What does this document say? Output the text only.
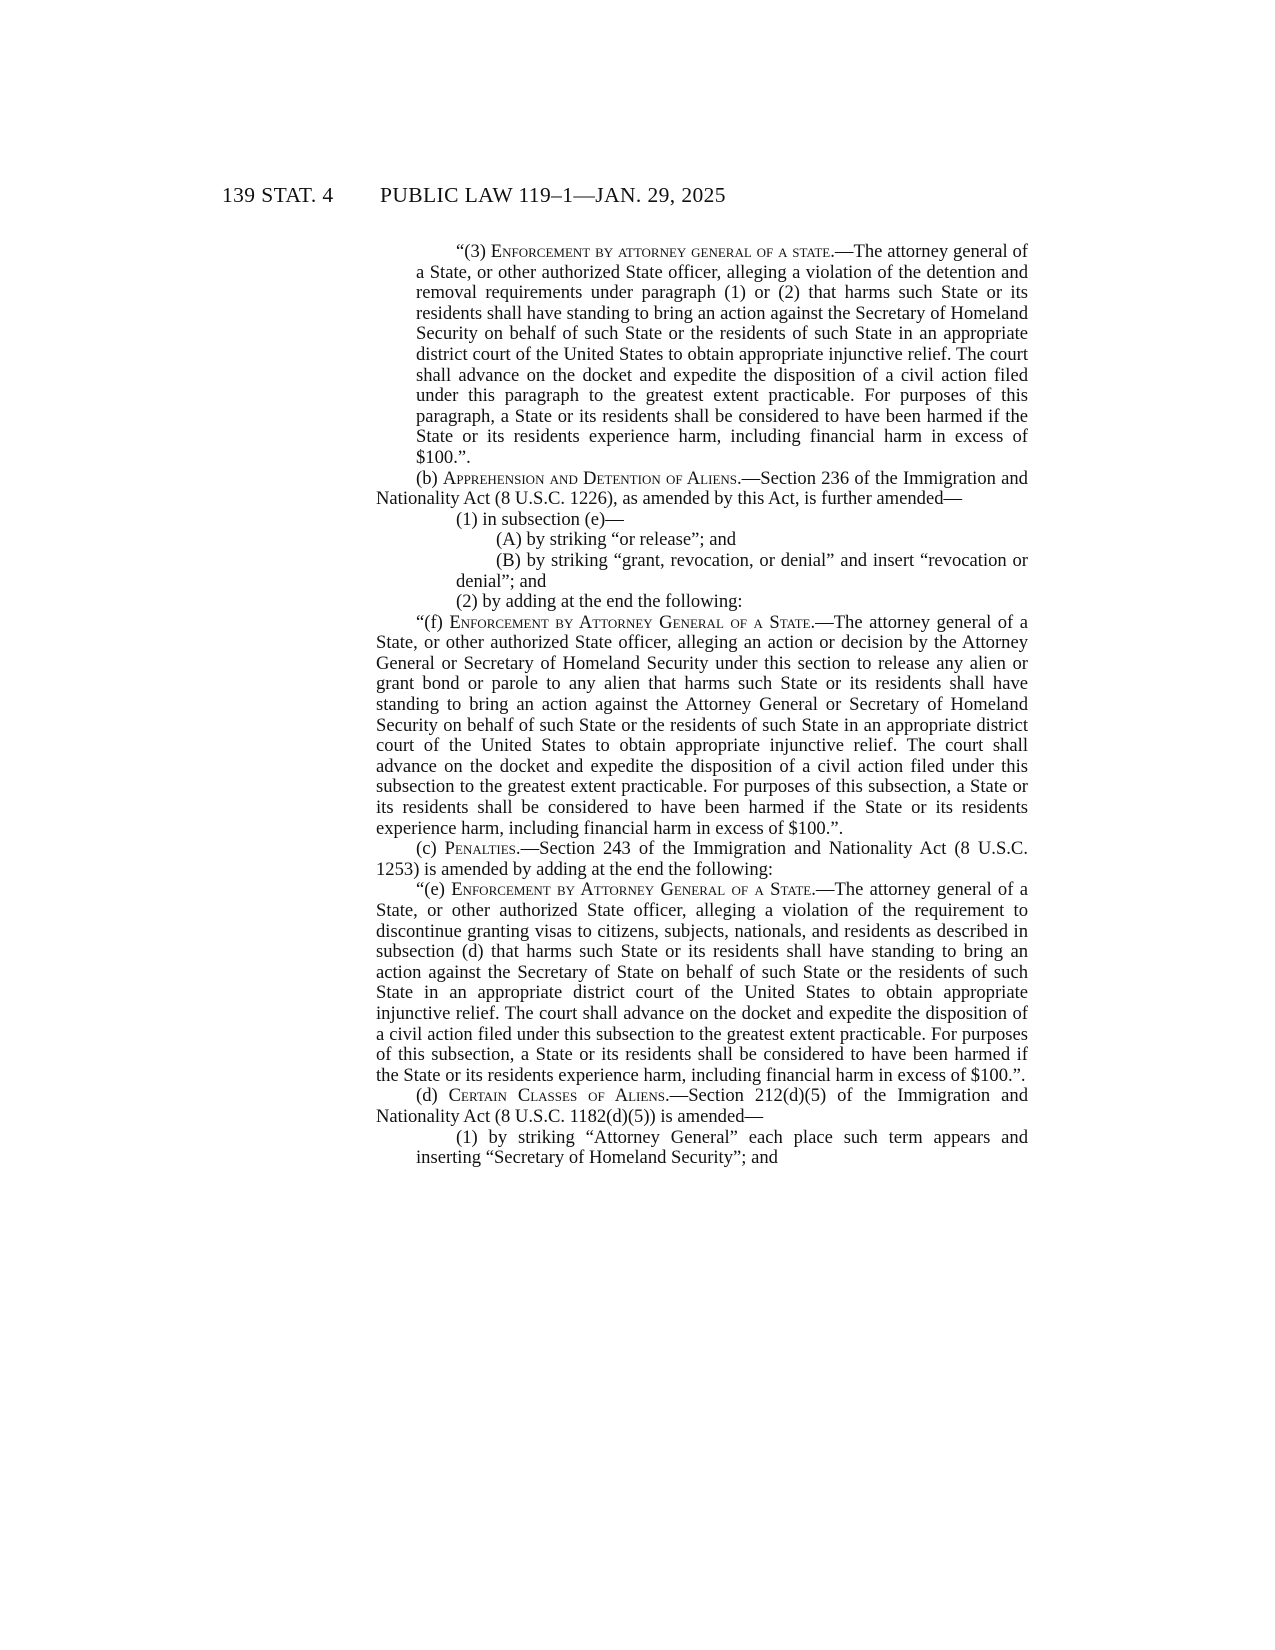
139 STAT. 4 PUBLIC LAW 119–1—JAN. 29, 2025

“(3) Enforcement by attorney general of a state.—The attorney general of a State, or other authorized State officer, alleging a violation of the detention and removal requirements under paragraph (1) or (2) that harms such State or its residents shall have standing to bring an action against the Secretary of Homeland Security on behalf of such State or the residents of such State in an appropriate district court of the United States to obtain appropriate injunctive relief. The court shall advance on the docket and expedite the disposition of a civil action filed under this paragraph to the greatest extent practicable. For purposes of this paragraph, a State or its residents shall be considered to have been harmed if the State or its residents experience harm, including financial harm in excess of $100.”.

(b) Apprehension and Detention of Aliens.—Section 236 of the Immigration and Nationality Act (8 U.S.C. 1226), as amended by this Act, is further amended—

(1) in subsection (e)—

(A) by striking “or release”; and

(B) by striking “grant, revocation, or denial” and insert “revocation or denial”; and

(2) by adding at the end the following:

“(f) Enforcement by Attorney General of a State.—The attorney general of a State, or other authorized State officer, alleging an action or decision by the Attorney General or Secretary of Homeland Security under this section to release any alien or grant bond or parole to any alien that harms such State or its residents shall have standing to bring an action against the Attorney General or Secretary of Homeland Security on behalf of such State or the residents of such State in an appropriate district court of the United States to obtain appropriate injunctive relief. The court shall advance on the docket and expedite the disposition of a civil action filed under this subsection to the greatest extent practicable. For purposes of this subsection, a State or its residents shall be considered to have been harmed if the State or its residents experience harm, including financial harm in excess of $100.”.

(c) Penalties.—Section 243 of the Immigration and Nationality Act (8 U.S.C. 1253) is amended by adding at the end the following:

“(e) Enforcement by Attorney General of a State.—The attorney general of a State, or other authorized State officer, alleging a violation of the requirement to discontinue granting visas to citizens, subjects, nationals, and residents as described in subsection (d) that harms such State or its residents shall have standing to bring an action against the Secretary of State on behalf of such State or the residents of such State in an appropriate district court of the United States to obtain appropriate injunctive relief. The court shall advance on the docket and expedite the disposition of a civil action filed under this subsection to the greatest extent practicable. For purposes of this subsection, a State or its residents shall be considered to have been harmed if the State or its residents experience harm, including financial harm in excess of $100.”.

(d) Certain Classes of Aliens.—Section 212(d)(5) of the Immigration and Nationality Act (8 U.S.C. 1182(d)(5)) is amended—

(1) by striking “Attorney General” each place such term appears and inserting “Secretary of Homeland Security”; and
